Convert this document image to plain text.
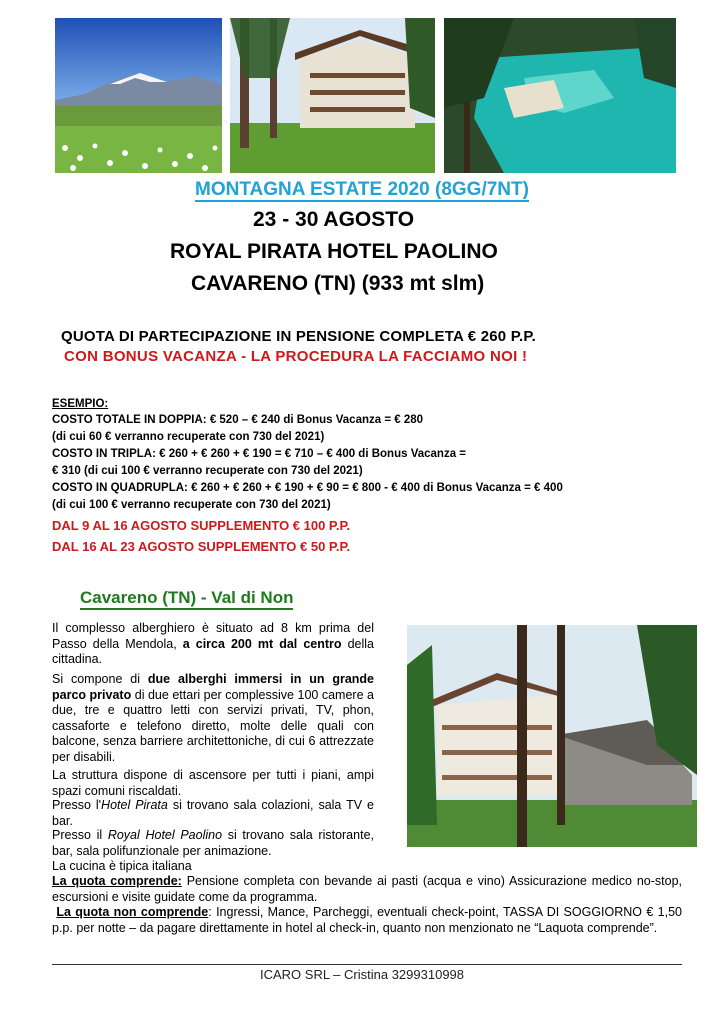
MONTAGNA ESTATE 2020 (8GG/7NT)
23 - 30 AGOSTO
ROYAL PIRATA HOTEL PAOLINO
CAVARENO (TN) (933 mt slm)
QUOTA DI PARTECIPAZIONE IN PENSIONE COMPLETA € 260 P.P.
CON BONUS VACANZA - LA PROCEDURA LA FACCIAMO NOI !
ESEMPIO:
COSTO TOTALE IN DOPPIA: € 520 – € 240 di Bonus Vacanza = € 280
(di cui 60 € verranno recuperate con 730 del 2021)
COSTO IN TRIPLA: € 260 + € 260 + € 190 = € 710 – € 400 di Bonus Vacanza =
€ 310 (di cui 100 € verranno recuperate con 730 del 2021)
COSTO IN QUADRUPLA: € 260 + € 260 + € 190 + € 90 = € 800 - € 400 di Bonus Vacanza = € 400
(di cui 100 € verranno recuperate con 730 del 2021)
DAL 9 AL 16 AGOSTO SUPPLEMENTO € 100 P.P.
DAL 16 AL 23 AGOSTO SUPPLEMENTO € 50 P.P.
Cavareno (TN) - Val di Non
Il complesso alberghiero è situato ad 8 km prima del Passo della Mendola, a circa 200 mt dal centro della cittadina.
Si compone di due alberghi immersi in un grande parco privato di due ettari per complessive 100 camere a due, tre e quattro letti con servizi privati, TV, phon, cassaforte e telefono diretto, molte delle quali con balcone, senza barriere architettoniche, di cui 6 attrezzate per disabili.
La struttura dispone di ascensore per tutti i piani, ampi spazi comuni riscaldati.
Presso l'Hotel Pirata si trovano sala colazioni, sala TV e bar.
Presso il Royal Hotel Paolino si trovano sala ristorante, bar, sala polifunzionale per animazione.
La cucina è tipica italiana
La quota comprende: Pensione completa con bevande ai pasti (acqua e vino) Assicurazione medico no-stop, escursioni e visite guidate come da programma.
La quota non comprende: Ingressi, Mance, Parcheggi, eventuali check-point, TASSA DI SOGGIORNO € 1,50 p.p. per notte – da pagare direttamente in hotel al check-in, quanto non menzionato ne “Laquota comprende”.
ICARO SRL – Cristina 3299310998
